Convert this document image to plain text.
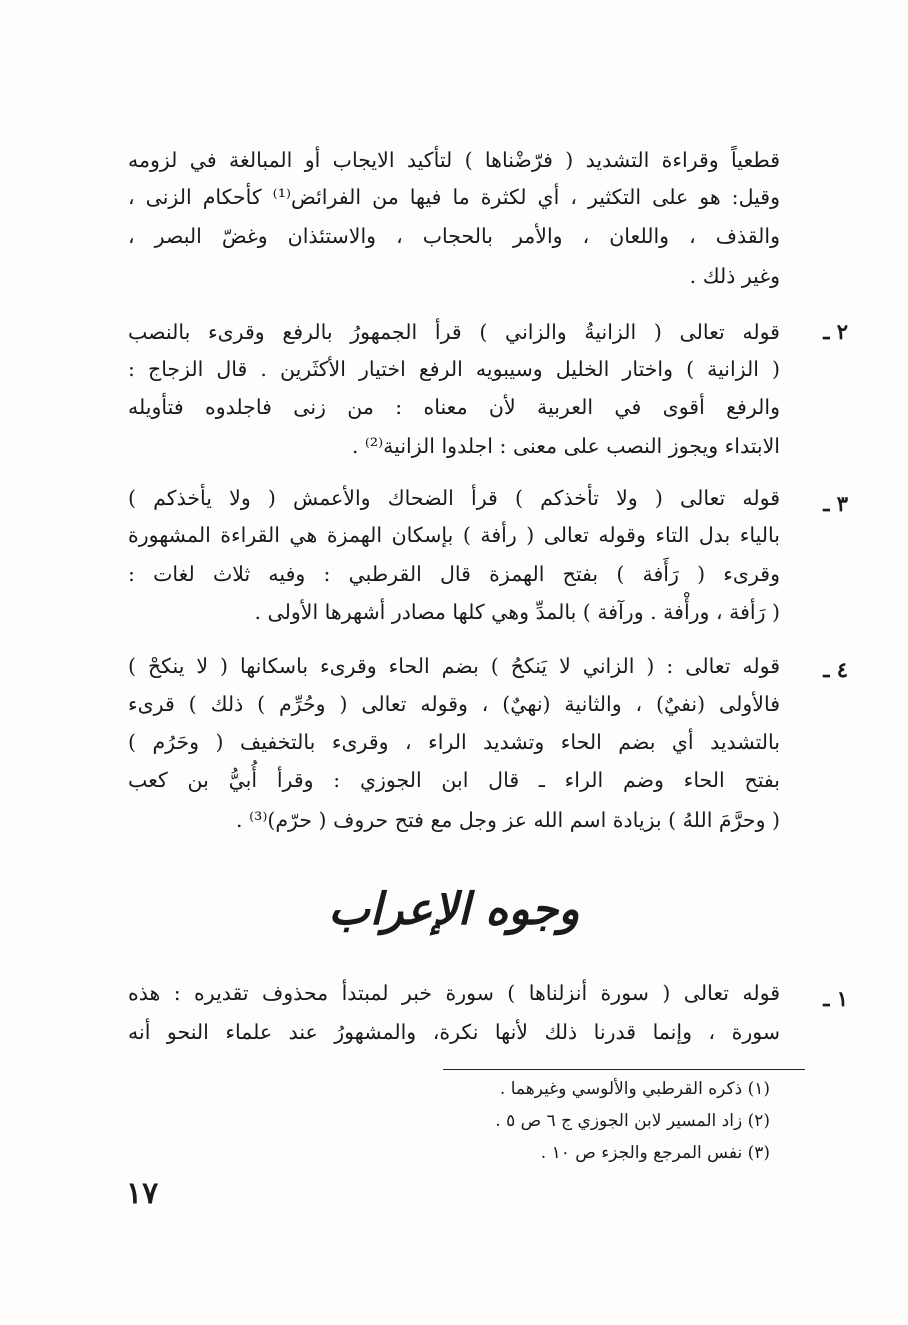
قطعياً وقراءة التشديد ( فرّضْناها ) لتأكيد الايجاب أو المبالغة في لزومه
وقيل: هو على التكثير ، أي لكثرة ما فيها من الفرائض⁽¹⁾ كأحكام الزنى ،
والقذف ، واللعان ، والأمر بالحجاب ، والاستئذان وغضّ البصر ،
وغير ذلك .
٢ ـ
قوله تعالى ( الزانيةُ والزاني ) قرأ الجمهورُ بالرفع وقرىء بالنصب
( الزانية ) واختار الخليل وسيبويه الرفع اختيار الأكثَرين . قال الزجاج :
والرفع أقوى في العربية لأن معناه : من زنى فاجلدوه فتأويله
الابتداء ويجوز النصب على معنى : اجلدوا الزانية⁽²⁾ .
٣ ـ
قوله تعالى ( ولا تأخذكم ) قرأ الضحاك والأعمش ( ولا يأخذكم )
بالياء بدل التاء وقوله تعالى ( رأفة ) بإسكان الهمزة هي القراءة المشهورة
وقرىء ( رَأَفة ) بفتح الهمزة قال القرطبي : وفيه ثلاث لغات :
( رَأفة ، ورأْفة . ورآفة ) بالمدِّ وهي كلها مصادر أشهرها الأولى .
٤ ـ
قوله تعالى : ( الزاني لا يَنكحُ ) بضم الحاء وقرىء باسكانها ( لا ينكحْ )
فالأولى (نفيٌ) ، والثانية (نهيٌ) ، وقوله تعالى ( وحُرِّم ) ذلك ) قرىء
بالتشديد أي بضم الحاء وتشديد الراء ، وقرىء بالتخفيف ( وحَرُم )
بفتح الحاء وضم الراء ـ قال ابن الجوزي : وقرأ أُبيُّ بن كعب
( وحرَّمَ اللهُ ) بزيادة اسم الله عز وجل مع فتح حروف ( حرّم)⁽³⁾ .
وجوه الإعراب
١ ـ
قوله تعالى ( سورة أنزلناها ) سورة خبر لمبتدأ محذوف تقديره : هذه
سورة ، وإنما قدرنا ذلك لأنها نكرة، والمشهورُ عند علماء النحو أنه
(١) ذكره القرطبي والألوسي وغيرهما .
(٢) زاد المسير لابن الجوزي ج ٦ ص ٥ .
(٣) نفس المرجع والجزء ص ١٠ .
١٧
